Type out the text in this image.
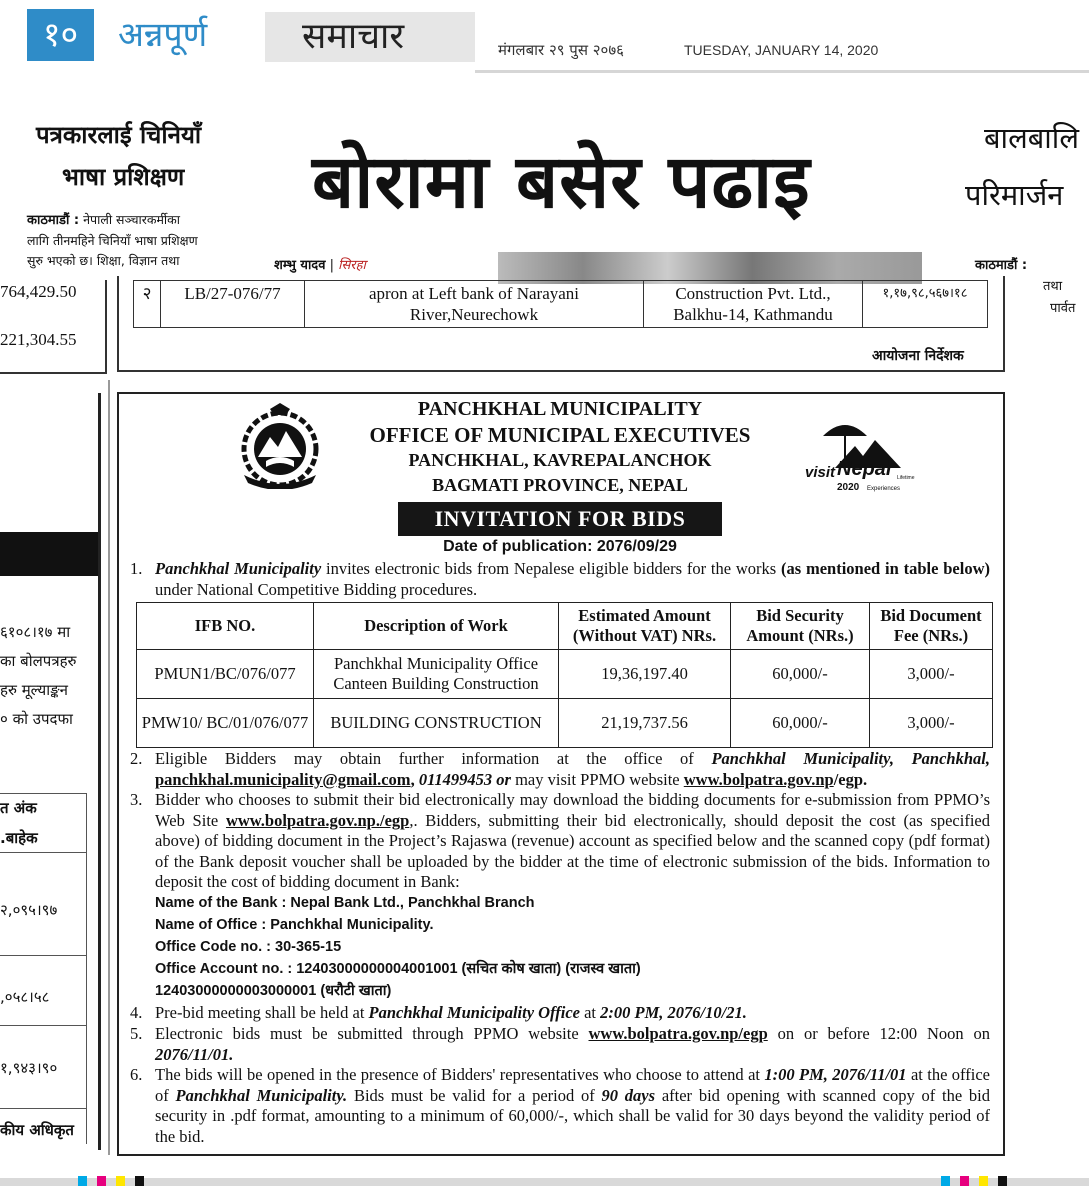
१०	अन्नपूर्ण	समाचार	मंगलबार २९ पुस २०७६	TUESDAY, JANUARY 14, 2020
पत्रकारलाई चिनियाँ
भाषा प्रशिक्षण
काठमाडौं : नेपाली सञ्चारकर्मीका
लागि तीनमहिने चिनियाँ भाषा प्रशिक्षण
सुरु भएको छ। शिक्षा, विज्ञान तथा
बोरामा बसेर पढाइ
बालबालि
परिमार्जन
शम्भु यादव | सिरहा	काठमाडौं :
तथा
पार्वत
764,429.50
221,304.55
२	LB/27-076/77	apron at Left bank of Narayani River,Neurechowk	Construction Pvt. Ltd., Balkhu-14, Kathmandu	१,१७,९८,५६७।१८
आयोजना निर्देशक
६१०८।१७ मा
का बोलपत्रहरु
हरु मूल्याङ्कन
० को उपदफा
त अंक
.बाहेक
२,०९५।९७
,०५८।५८
१,९४३।९०
कीय अधिकृत
visit Nepal
2020
Lifetime
Experiences
PANCHKHAL MUNICIPALITY
OFFICE OF MUNICIPAL EXECUTIVES
PANCHKHAL, KAVREPALANCHOK
BAGMATI PROVINCE, NEPAL
INVITATION FOR BIDS
Date of publication: 2076/09/29
1. Panchkhal Municipality invites electronic bids from Nepalese eligible bidders for the works (as mentioned in table below) under National Competitive Bidding procedures.
IFB NO.	Description of Work	Estimated Amount (Without VAT) NRs.	Bid Security Amount (NRs.)	Bid Document Fee (NRs.)
PMUN1/BC/076/077	Panchkhal Municipality Office Canteen Building Construction	19,36,197.40	60,000/-	3,000/-
PMW10/ BC/01/076/077	BUILDING CONSTRUCTION	21,19,737.56	60,000/-	3,000/-
2. Eligible Bidders may obtain further information at the office of Panchkhal Municipality, Panchkhal, panchkhal.municipality@gmail.com, 011499453 or may visit PPMO website www.bolpatra.gov.np/egp.
3. Bidder who chooses to submit their bid electronically may download the bidding documents for e-submission from PPMO’s Web Site www.bolpatra.gov.np./egp,. Bidders, submitting their bid electronically, should deposit the cost (as specified above) of bidding document in the Project’s Rajaswa (revenue) account as specified below and the scanned copy (pdf format) of the Bank deposit voucher shall be uploaded by the bidder at the time of electronic submission of the bids. Information to deposit the cost of bidding document in Bank:
Name of the Bank : Nepal Bank Ltd., Panchkhal Branch
Name of Office : Panchkhal Municipality.
Office Code no. : 30-365-15
Office Account no. : 12403000000004001001 (सचित कोष खाता) (राजस्व खाता)
12403000000003000001 (धरौटी खाता)
4. Pre-bid meeting shall be held at Panchkhal Municipality Office at 2:00 PM, 2076/10/21.
5. Electronic bids must be submitted through PPMO website www.bolpatra.gov.np/egp on or before 12:00 Noon on 2076/11/01.
6. The bids will be opened in the presence of Bidders' representatives who choose to attend at 1:00 PM, 2076/11/01 at the office of Panchkhal Municipality. Bids must be valid for a period of 90 days after bid opening with scanned copy of the bid security in .pdf format, amounting to a minimum of 60,000/-, which shall be valid for 30 days beyond the validity period of the bid.
